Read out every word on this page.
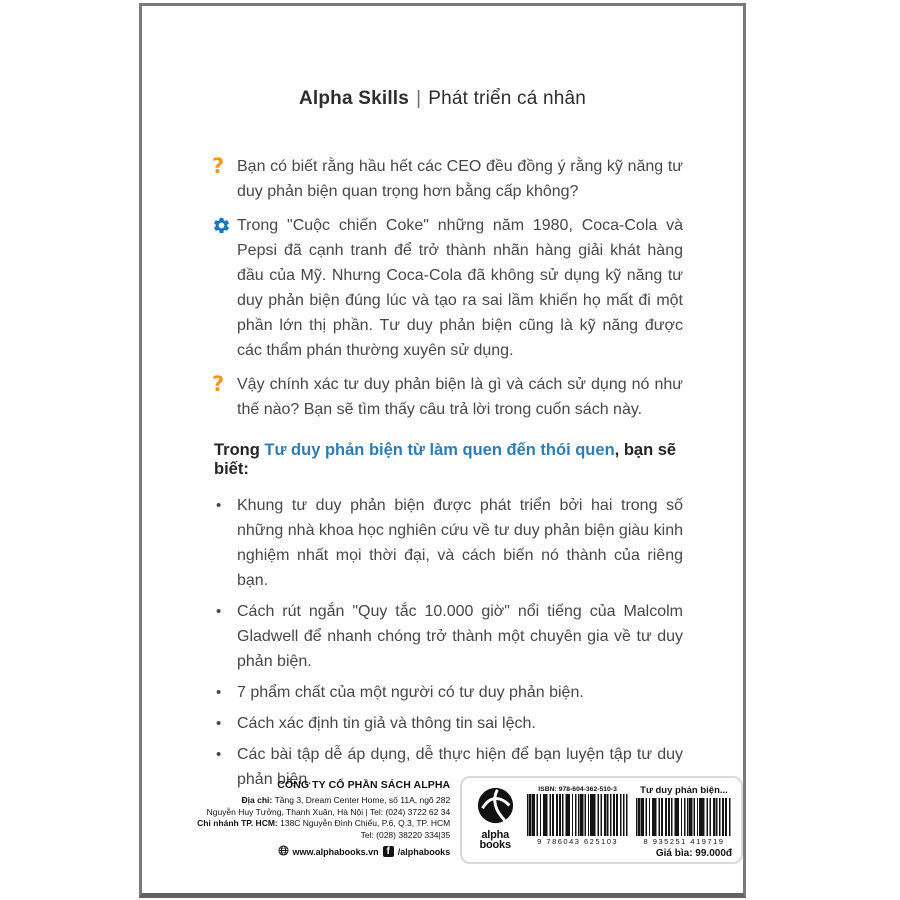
Alpha Skills | Phát triển cá nhân
? Bạn có biết rằng hầu hết các CEO đều đồng ý rằng kỹ năng tư duy phản biện quan trọng hơn bằng cấp không?
Trong "Cuộc chiến Coke" những năm 1980, Coca-Cola và Pepsi đã cạnh tranh để trở thành nhãn hàng giải khát hàng đầu của Mỹ. Nhưng Coca-Cola đã không sử dụng kỹ năng tư duy phản biện đúng lúc và tạo ra sai lầm khiến họ mất đi một phần lớn thị phần. Tư duy phản biện cũng là kỹ năng được các thẩm phán thường xuyên sử dụng.
? Vậy chính xác tư duy phản biện là gì và cách sử dụng nó như thế nào? Bạn sẽ tìm thấy câu trả lời trong cuốn sách này.

Trong Tư duy phản biện từ làm quen đến thói quen, bạn sẽ biết:

• Khung tư duy phản biện được phát triển bởi hai trong số những nhà khoa học nghiên cứu về tư duy phản biện giàu kinh nghiệm nhất mọi thời đại, và cách biến nó thành của riêng bạn.
• Cách rút ngắn "Quy tắc 10.000 giờ" nổi tiếng của Malcolm Gladwell để nhanh chóng trở thành một chuyên gia về tư duy phản biện.
• 7 phẩm chất của một người có tư duy phản biện.
• Cách xác định tin giả và thông tin sai lệch.
• Các bài tập dễ áp dụng, dễ thực hiện để bạn luyện tập tư duy phản biện.
CÔNG TY CỔ PHẦN SÁCH ALPHA
Địa chỉ: Tầng 3, Dream Center Home, số 11A, ngõ 282
Nguyễn Huy Tưởng, Thanh Xuân, Hà Nội | Tel: (024) 3722 62 34
Chi nhánh TP. HCM: 138C Nguyễn Đình Chiểu, P.6, Q.3, TP. HCM
Tel: (028) 38220 334|35
www.alphabooks.vn f /alphabooks
alpha
books
ISBN: 978-604-362-510-3
9 786043 625103
Tư duy phản biện...
8 935251 419719
Giá bìa: 99.000đ
